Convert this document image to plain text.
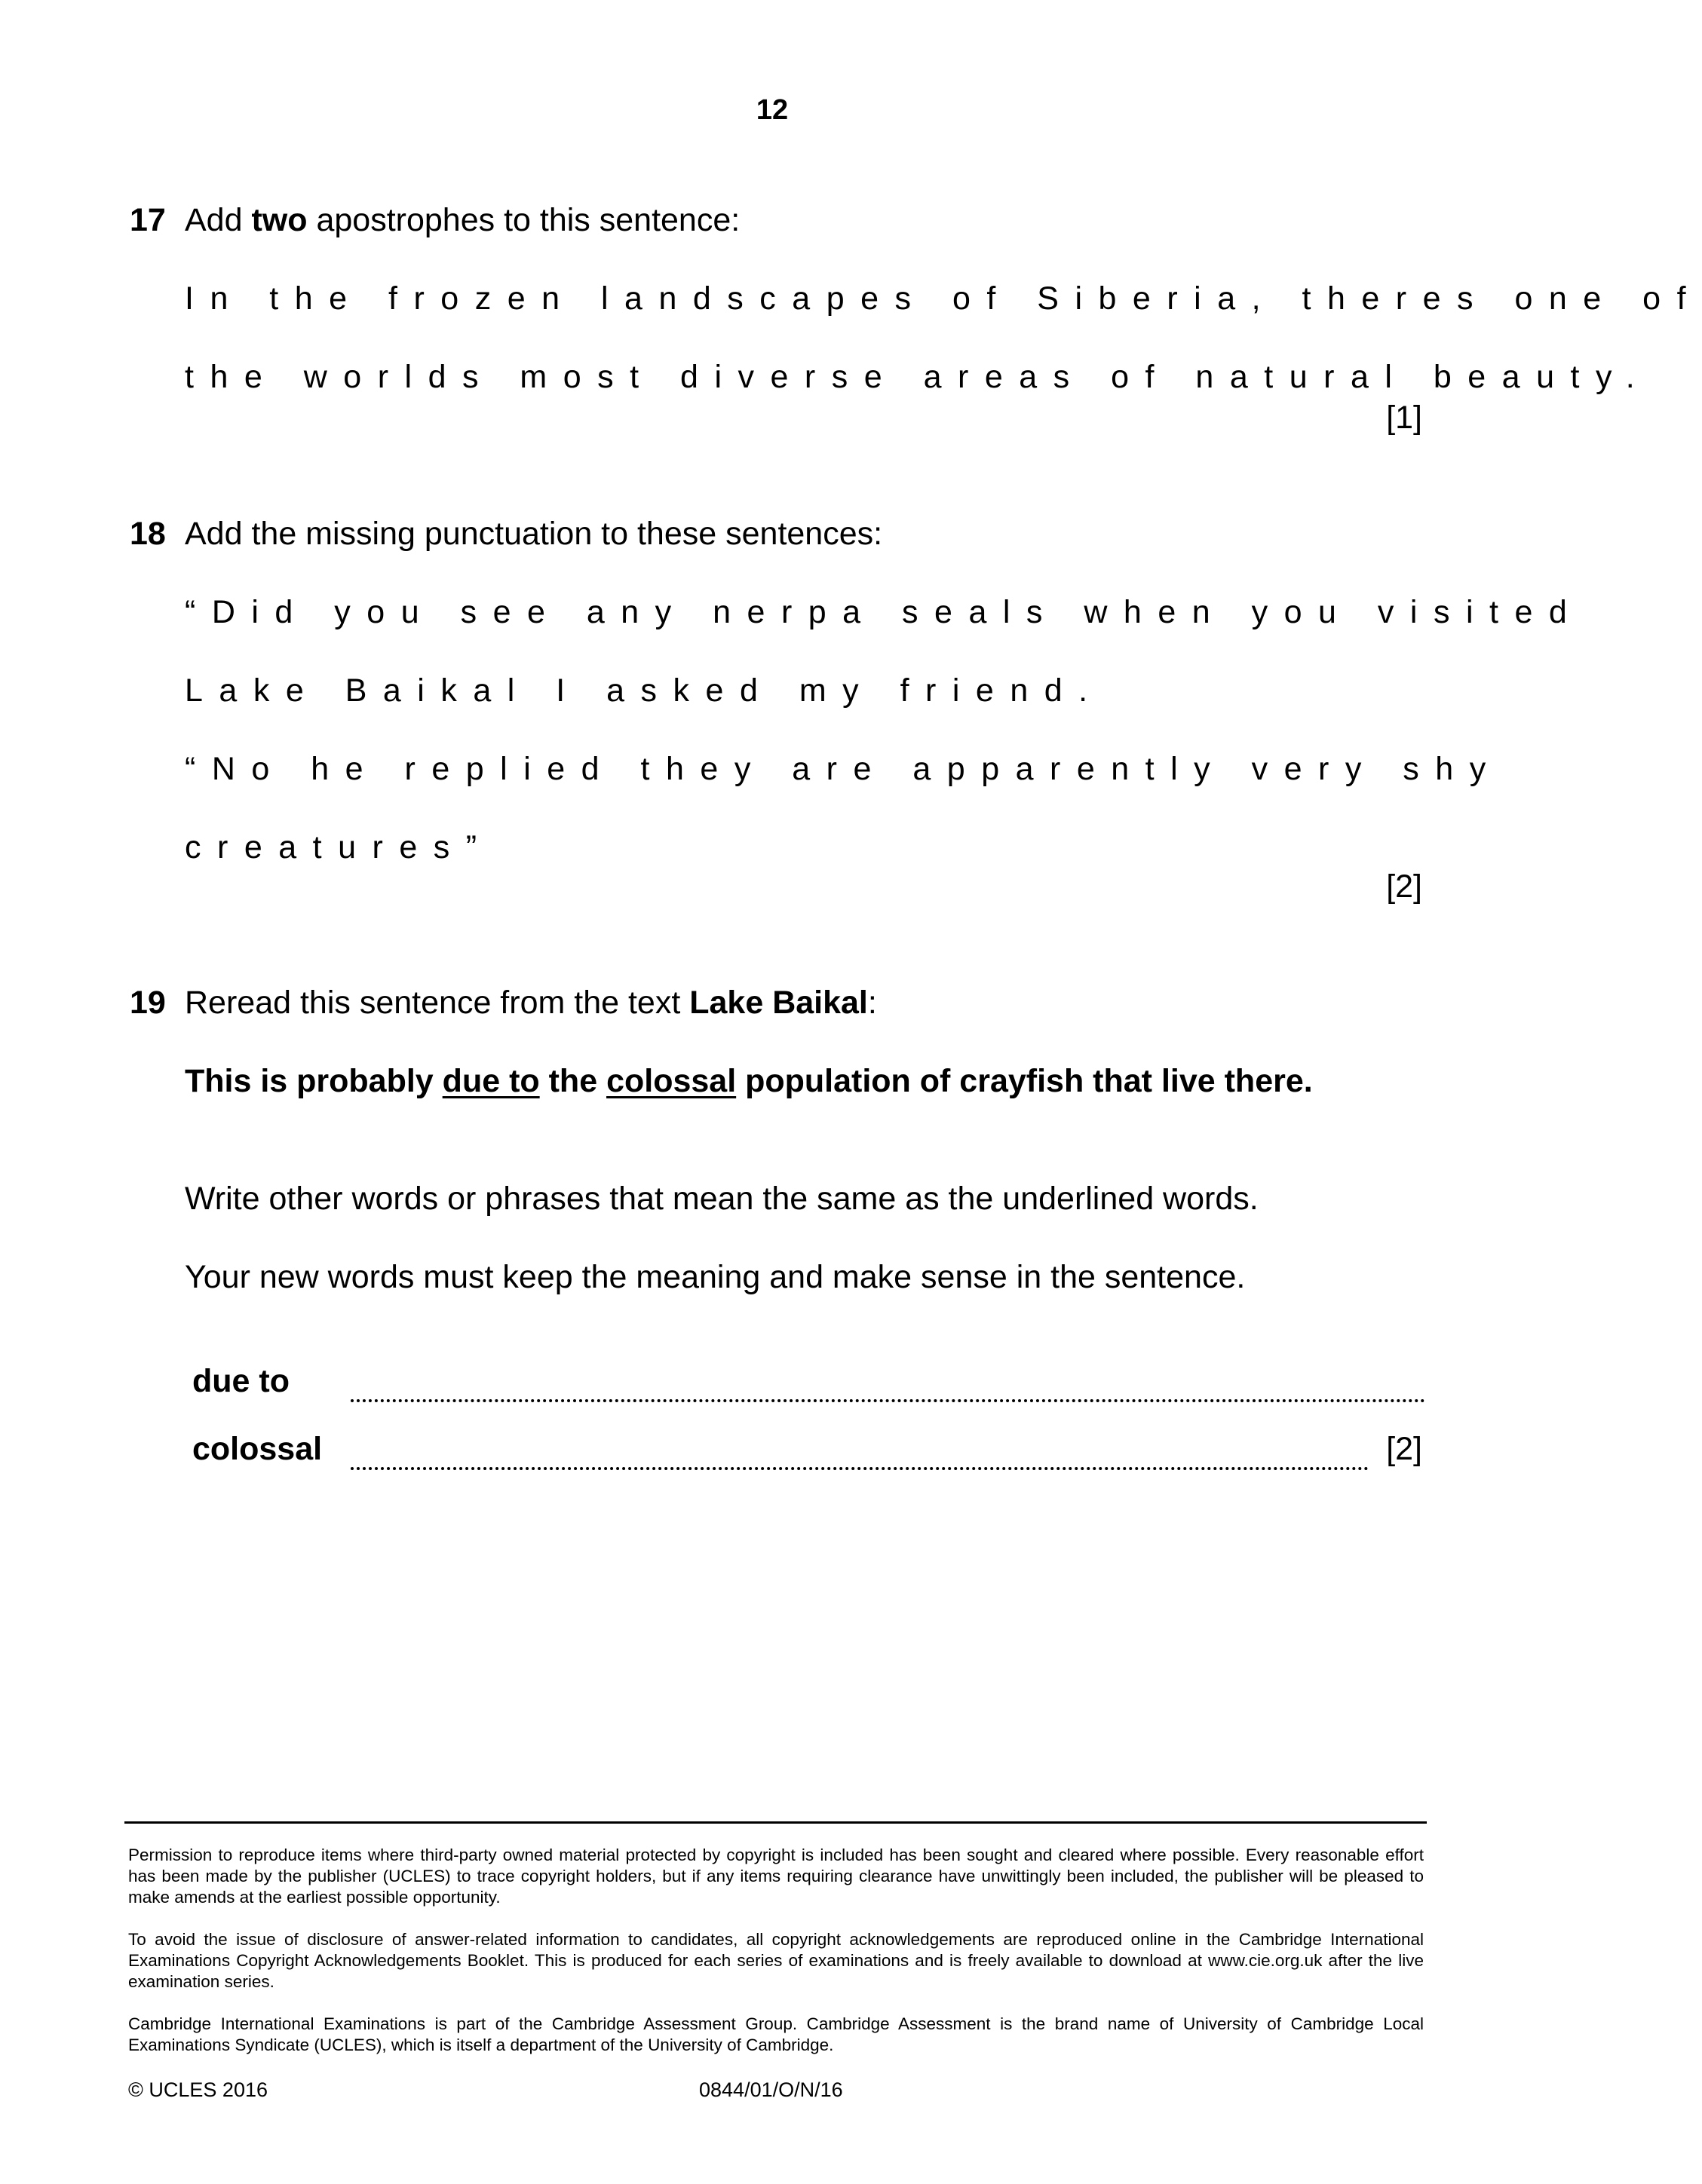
12
17 Add two apostrophes to this sentence:
In the frozen landscapes of Siberia, theres one of
the worlds most diverse areas of natural beauty.
[1]
18 Add the missing punctuation to these sentences:
“Did you see any nerpa seals when you visited
Lake Baikal I asked my friend.
“No he replied they are apparently very shy
creatures”
[2]
19 Reread this sentence from the text Lake Baikal:
This is probably due to the colossal population of crayfish that live there.
Write other words or phrases that mean the same as the underlined words.
Your new words must keep the meaning and make sense in the sentence.
due to
colossal	[2]
Permission to reproduce items where third-party owned material protected by copyright is included has been sought and cleared where possible. Every reasonable effort has been made by the publisher (UCLES) to trace copyright holders, but if any items requiring clearance have unwittingly been included, the publisher will be pleased to make amends at the earliest possible opportunity.
To avoid the issue of disclosure of answer-related information to candidates, all copyright acknowledgements are reproduced online in the Cambridge International Examinations Copyright Acknowledgements Booklet. This is produced for each series of examinations and is freely available to download at www.cie.org.uk after the live examination series.
Cambridge International Examinations is part of the Cambridge Assessment Group. Cambridge Assessment is the brand name of University of Cambridge Local Examinations Syndicate (UCLES), which is itself a department of the University of Cambridge.
© UCLES 2016	0844/01/O/N/16
